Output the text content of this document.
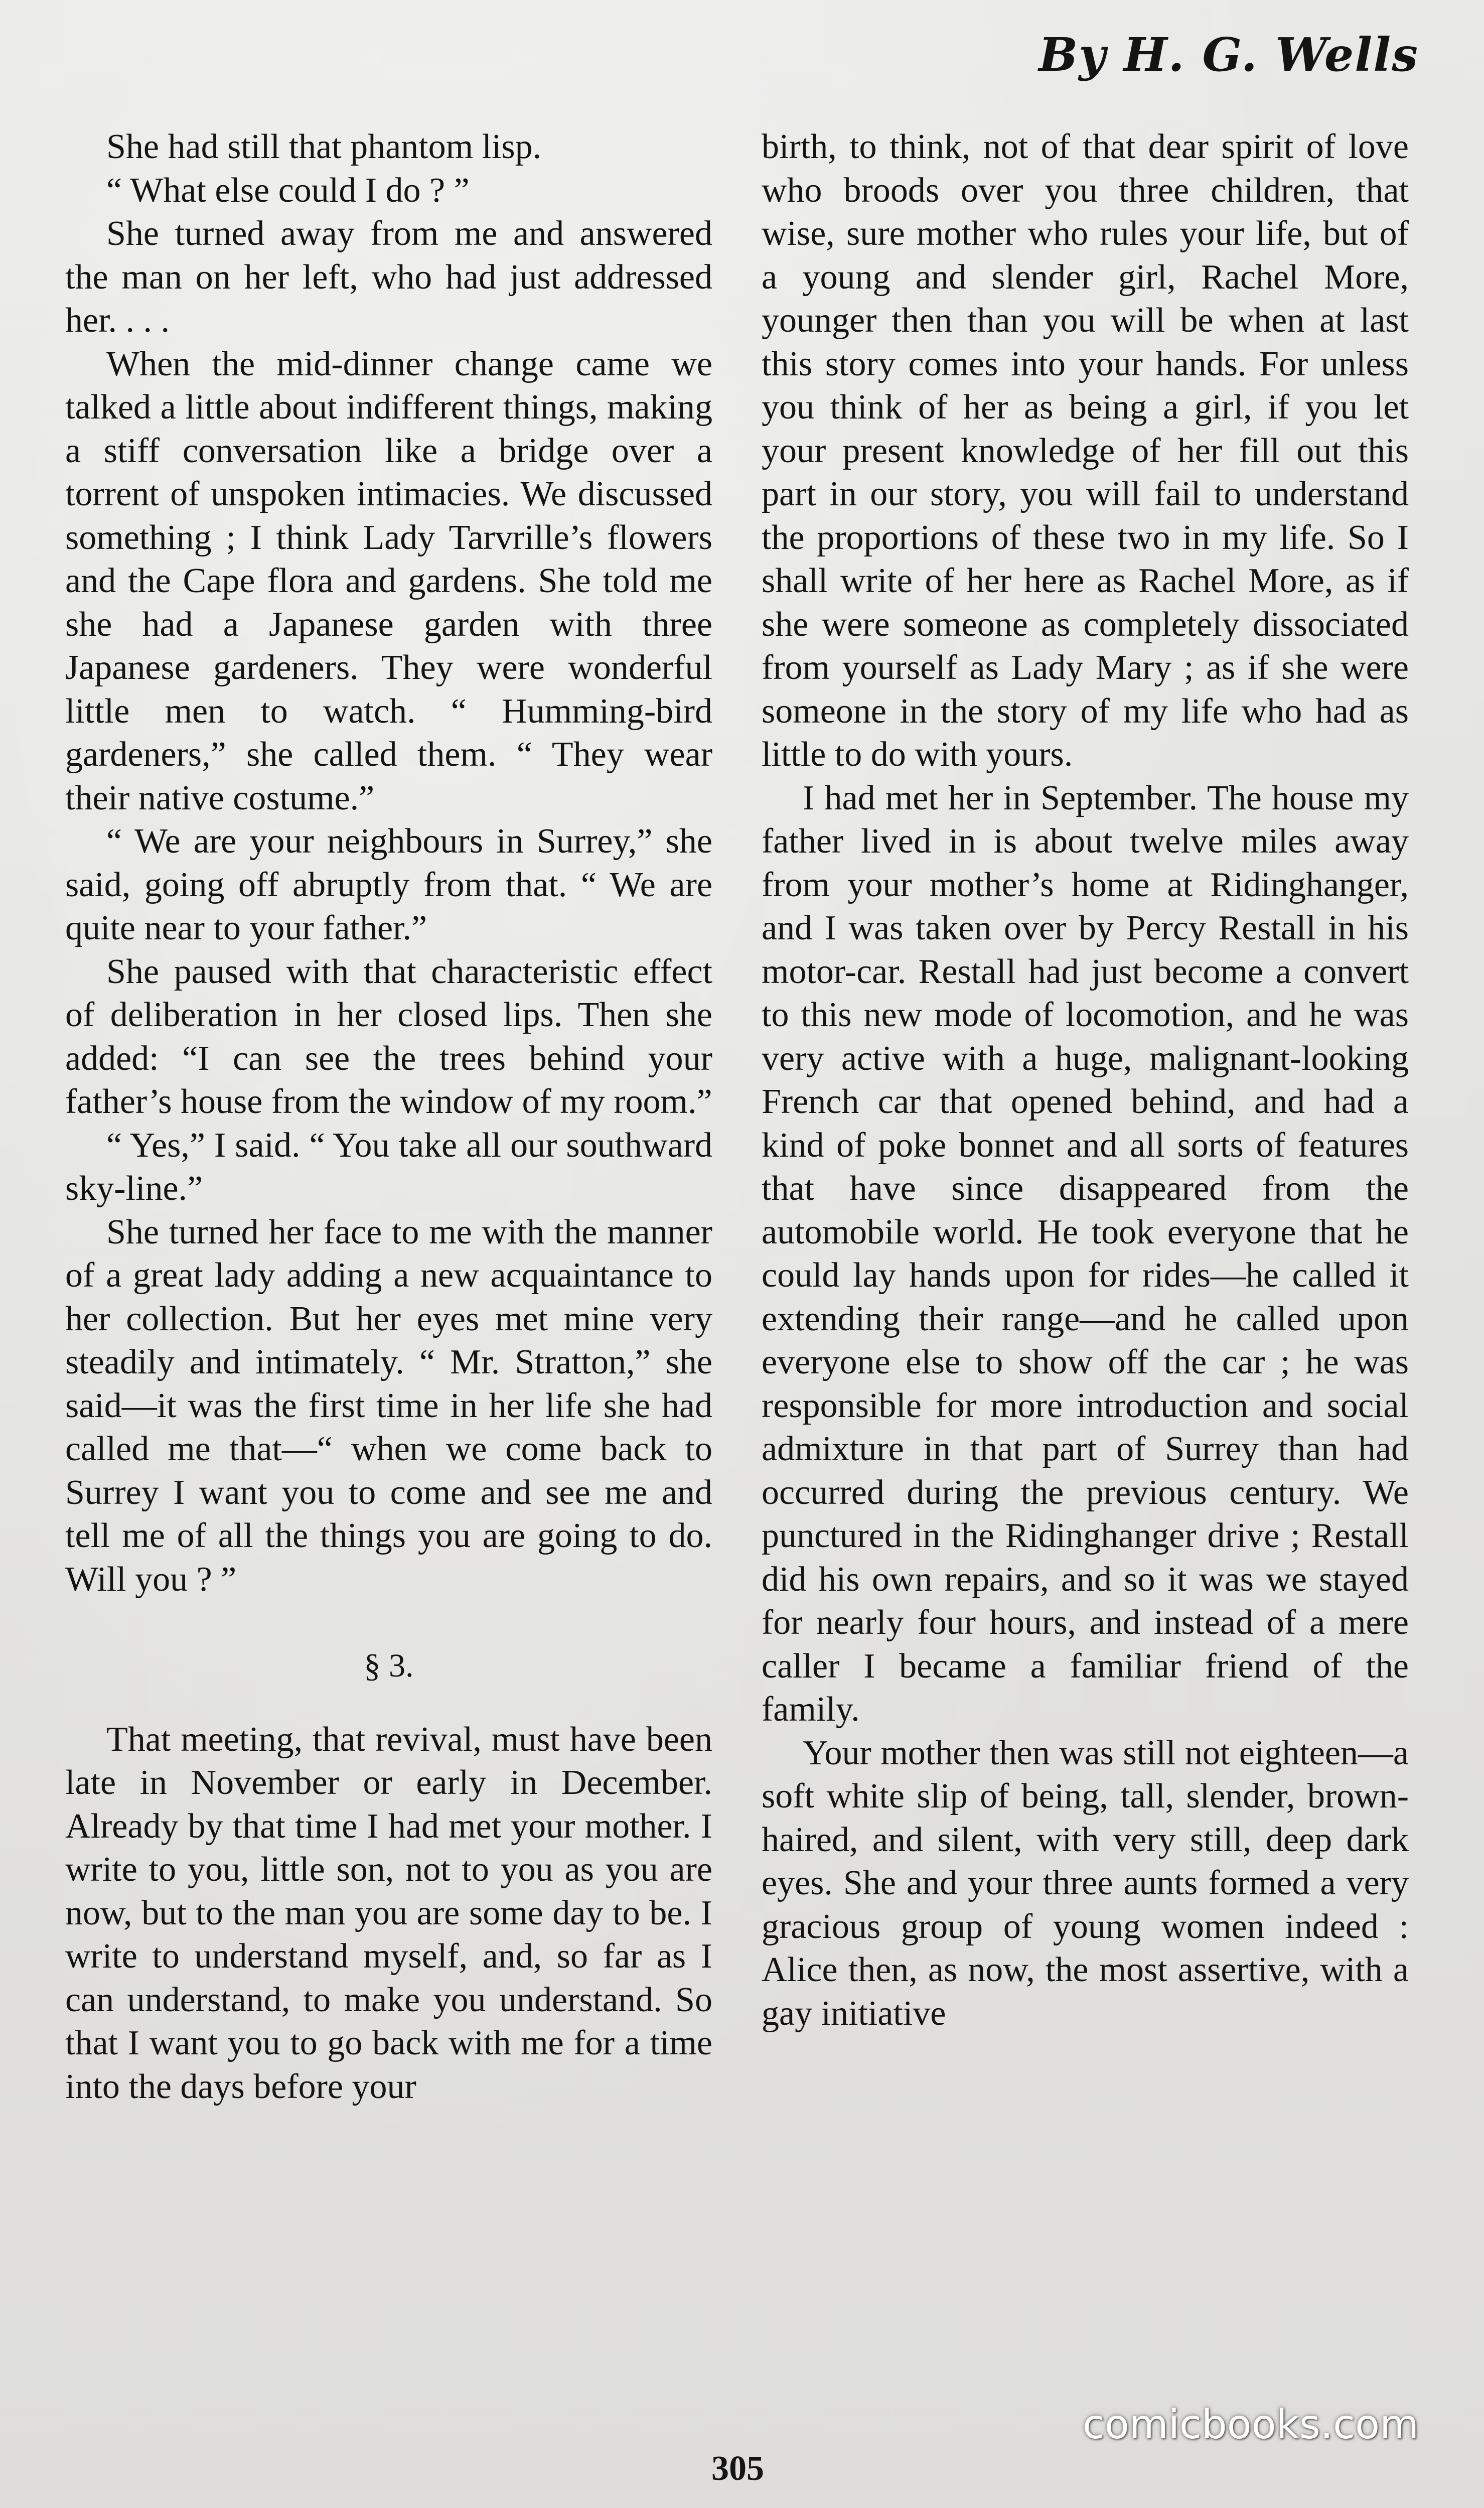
By H. G. Wells

She had still that phantom lisp.

“ What else could I do ? ”

She turned away from me and answered the man on her left, who had just addressed her. . . .

When the mid-dinner change came we talked a little about indifferent things, making a stiff conversation like a bridge over a torrent of unspoken intimacies. We discussed something ; I think Lady Tarvrille’s flowers and the Cape flora and gardens. She told me she had a Japanese garden with three Japanese gardeners. They were wonderful little men to watch. “ Humming-bird gardeners,” she called them. “ They wear their native costume.”

“ We are your neighbours in Surrey,” she said, going off abruptly from that. “ We are quite near to your father.”

She paused with that characteristic effect of deliberation in her closed lips. Then she added: “I can see the trees behind your father’s house from the window of my room.”

“ Yes,” I said. “ You take all our southward sky-line.”

She turned her face to me with the manner of a great lady adding a new acquaintance to her collection. But her eyes met mine very steadily and intimately. “ Mr. Stratton,” she said—it was the first time in her life she had called me that—“ when we come back to Surrey I want you to come and see me and tell me of all the things you are going to do. Will you ? ”

§ 3.

That meeting, that revival, must have been late in November or early in December. Already by that time I had met your mother. I write to you, little son, not to you as you are now, but to the man you are some day to be. I write to understand myself, and, so far as I can understand, to make you understand. So that I want you to go back with me for a time into the days before your

birth, to think, not of that dear spirit of love who broods over you three children, that wise, sure mother who rules your life, but of a young and slender girl, Rachel More, younger then than you will be when at last this story comes into your hands. For unless you think of her as being a girl, if you let your present knowledge of her fill out this part in our story, you will fail to understand the proportions of these two in my life. So I shall write of her here as Rachel More, as if she were someone as completely dissociated from yourself as Lady Mary ; as if she were someone in the story of my life who had as little to do with yours.

I had met her in September. The house my father lived in is about twelve miles away from your mother’s home at Ridinghanger, and I was taken over by Percy Restall in his motor-car. Restall had just become a convert to this new mode of locomotion, and he was very active with a huge, malignant-looking French car that opened behind, and had a kind of poke bonnet and all sorts of features that have since disappeared from the automobile world. He took everyone that he could lay hands upon for rides—he called it extending their range—and he called upon everyone else to show off the car ; he was responsible for more introduction and social admixture in that part of Surrey than had occurred during the previous century. We punctured in the Ridinghanger drive ; Restall did his own repairs, and so it was we stayed for nearly four hours, and instead of a mere caller I became a familiar friend of the family.

Your mother then was still not eighteen—a soft white slip of being, tall, slender, brown-haired, and silent, with very still, deep dark eyes. She and your three aunts formed a very gracious group of young women indeed : Alice then, as now, the most assertive, with a gay initiative

305
comicbooks.com
